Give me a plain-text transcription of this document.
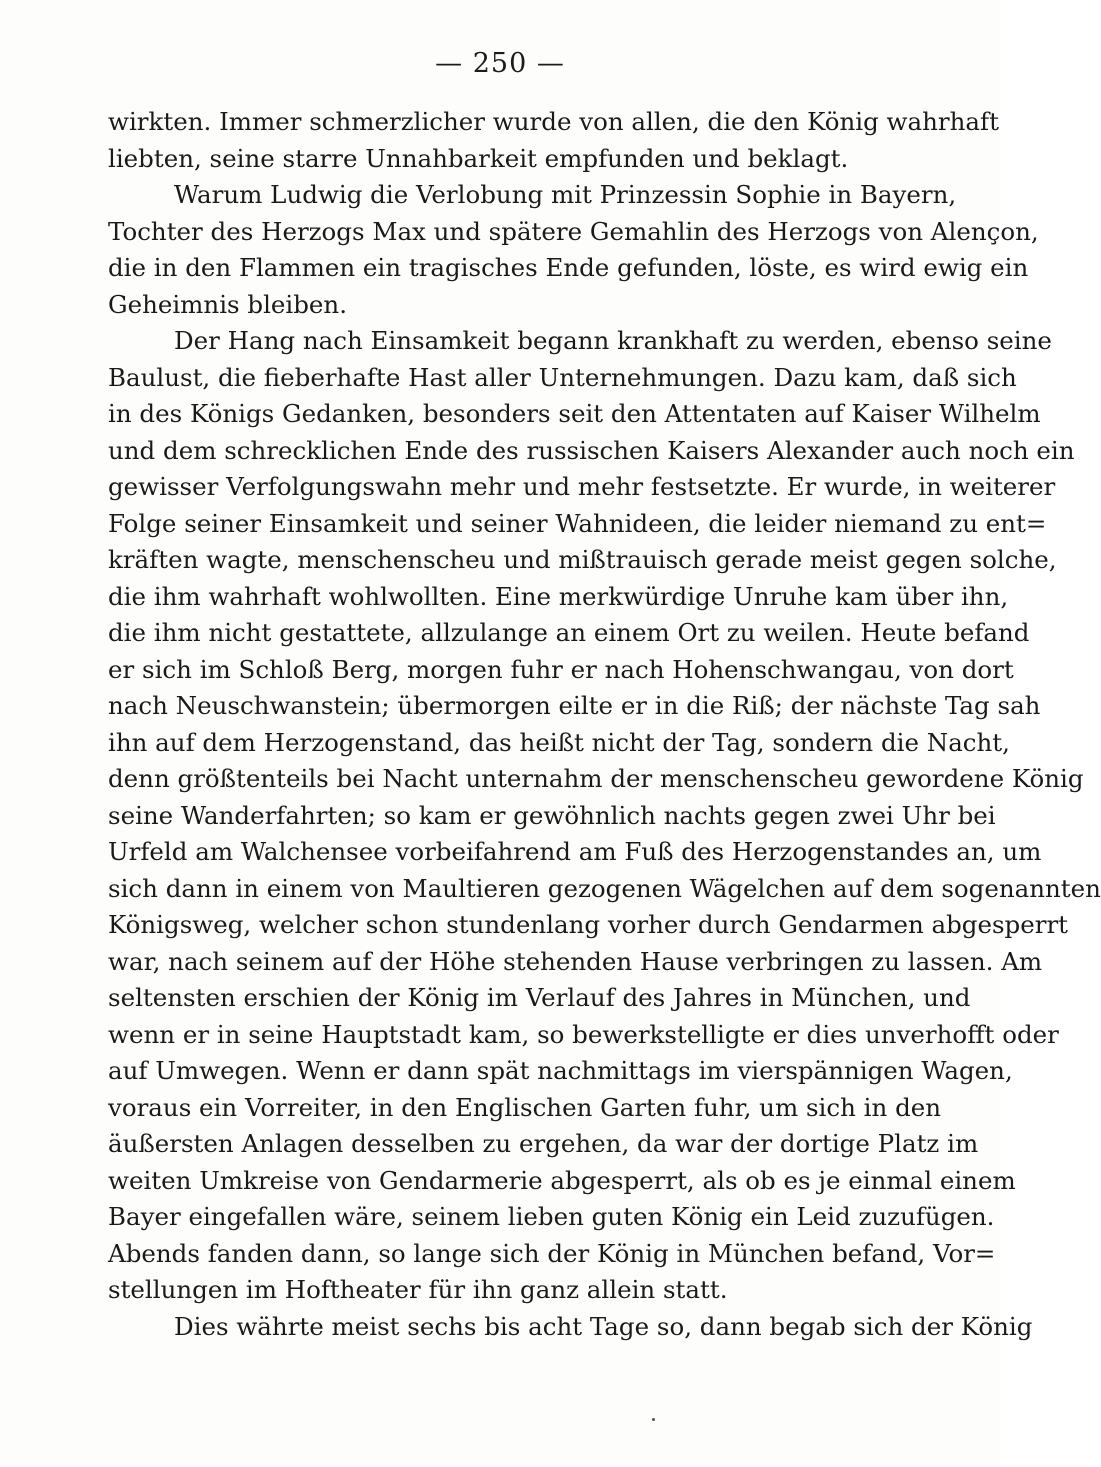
— 250 —
wirkten. Immer schmerzlicher wurde von allen, die den König wahrhaft
liebten, seine starre Unnahbarkeit empfunden und beklagt.
Warum Ludwig die Verlobung mit Prinzessin Sophie in Bayern,
Tochter des Herzogs Max und spätere Gemahlin des Herzogs von Alençon,
die in den Flammen ein tragisches Ende gefunden, löste, es wird ewig ein
Geheimnis bleiben.
Der Hang nach Einsamkeit begann krankhaft zu werden, ebenso seine
Baulust, die fieberhafte Hast aller Unternehmungen. Dazu kam, daß sich
in des Königs Gedanken, besonders seit den Attentaten auf Kaiser Wilhelm
und dem schrecklichen Ende des russischen Kaisers Alexander auch noch ein
gewisser Verfolgungswahn mehr und mehr festsetzte. Er wurde, in weiterer
Folge seiner Einsamkeit und seiner Wahnideen, die leider niemand zu ent=
kräften wagte, menschenscheu und mißtrauisch gerade meist gegen solche,
die ihm wahrhaft wohlwollten. Eine merkwürdige Unruhe kam über ihn,
die ihm nicht gestattete, allzulange an einem Ort zu weilen. Heute befand
er sich im Schloß Berg, morgen fuhr er nach Hohenschwangau, von dort
nach Neuschwanstein; übermorgen eilte er in die Riß; der nächste Tag sah
ihn auf dem Herzogenstand, das heißt nicht der Tag, sondern die Nacht,
denn größtenteils bei Nacht unternahm der menschenscheu gewordene König
seine Wanderfahrten; so kam er gewöhnlich nachts gegen zwei Uhr bei
Urfeld am Walchensee vorbeifahrend am Fuß des Herzogenstandes an, um
sich dann in einem von Maultieren gezogenen Wägelchen auf dem sogenannten
Königsweg, welcher schon stundenlang vorher durch Gendarmen abgesperrt
war, nach seinem auf der Höhe stehenden Hause verbringen zu lassen. Am
seltensten erschien der König im Verlauf des Jahres in München, und
wenn er in seine Hauptstadt kam, so bewerkstelligte er dies unverhofft oder
auf Umwegen. Wenn er dann spät nachmittags im vierspännigen Wagen,
voraus ein Vorreiter, in den Englischen Garten fuhr, um sich in den
äußersten Anlagen desselben zu ergehen, da war der dortige Platz im
weiten Umkreise von Gendarmerie abgesperrt, als ob es je einmal einem
Bayer eingefallen wäre, seinem lieben guten König ein Leid zuzufügen.
Abends fanden dann, so lange sich der König in München befand, Vor=
stellungen im Hoftheater für ihn ganz allein statt.
Dies währte meist sechs bis acht Tage so, dann begab sich der König
